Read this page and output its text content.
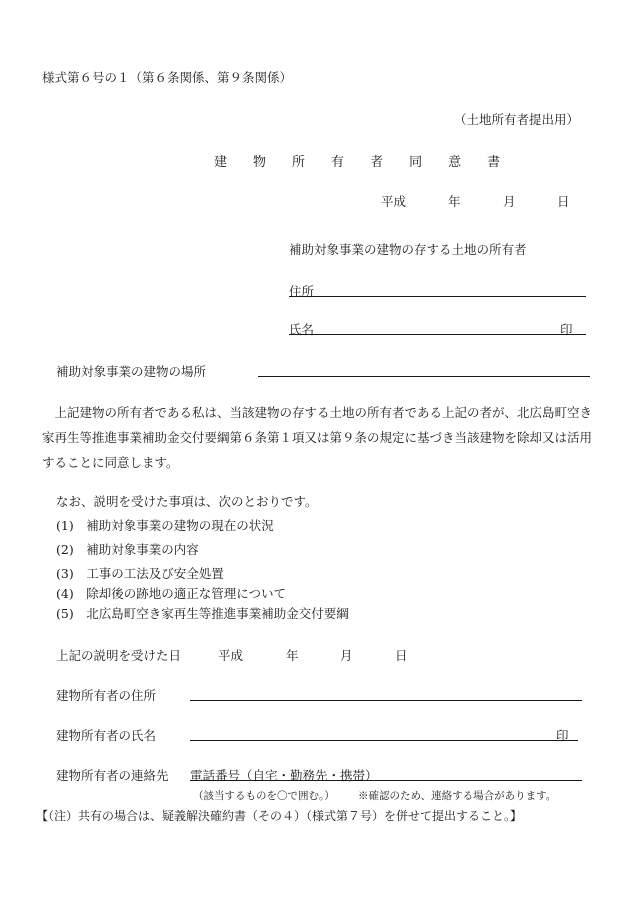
様式第６号の１（第６条関係、第９条関係）
（土地所有者提出用）
建 物 所 有 者 同 意 書
平成	年	月	日
補助対象事業の建物の存する土地の所有者
住所
氏名	印
補助対象事業の建物の場所
上記建物の所有者である私は、当該建物の存する土地の所有者である上記の者が、北広島町空き家再生等推進事業補助金交付要綱第６条第１項又は第９条の規定に基づき当該建物を除却又は活用することに同意します。
なお、説明を受けた事項は、次のとおりです。
(1)　補助対象事業の建物の現在の状況
(2)　補助対象事業の内容
(3)　工事の工法及び安全処置
(4)　除却後の跡地の適正な管理について
(5)　北広島町空き家再生等推進事業補助金交付要綱
上記の説明を受けた日	平成	年	月	日
建物所有者の住所
建物所有者の氏名	印
建物所有者の連絡先 電話番号（自宅・勤務先・携帯）
（該当するものを〇で囲む。） ※確認のため、連絡する場合があります。
【（注）共有の場合は、疑義解決確約書（その４）（様式第７号）を併せて提出すること。】
